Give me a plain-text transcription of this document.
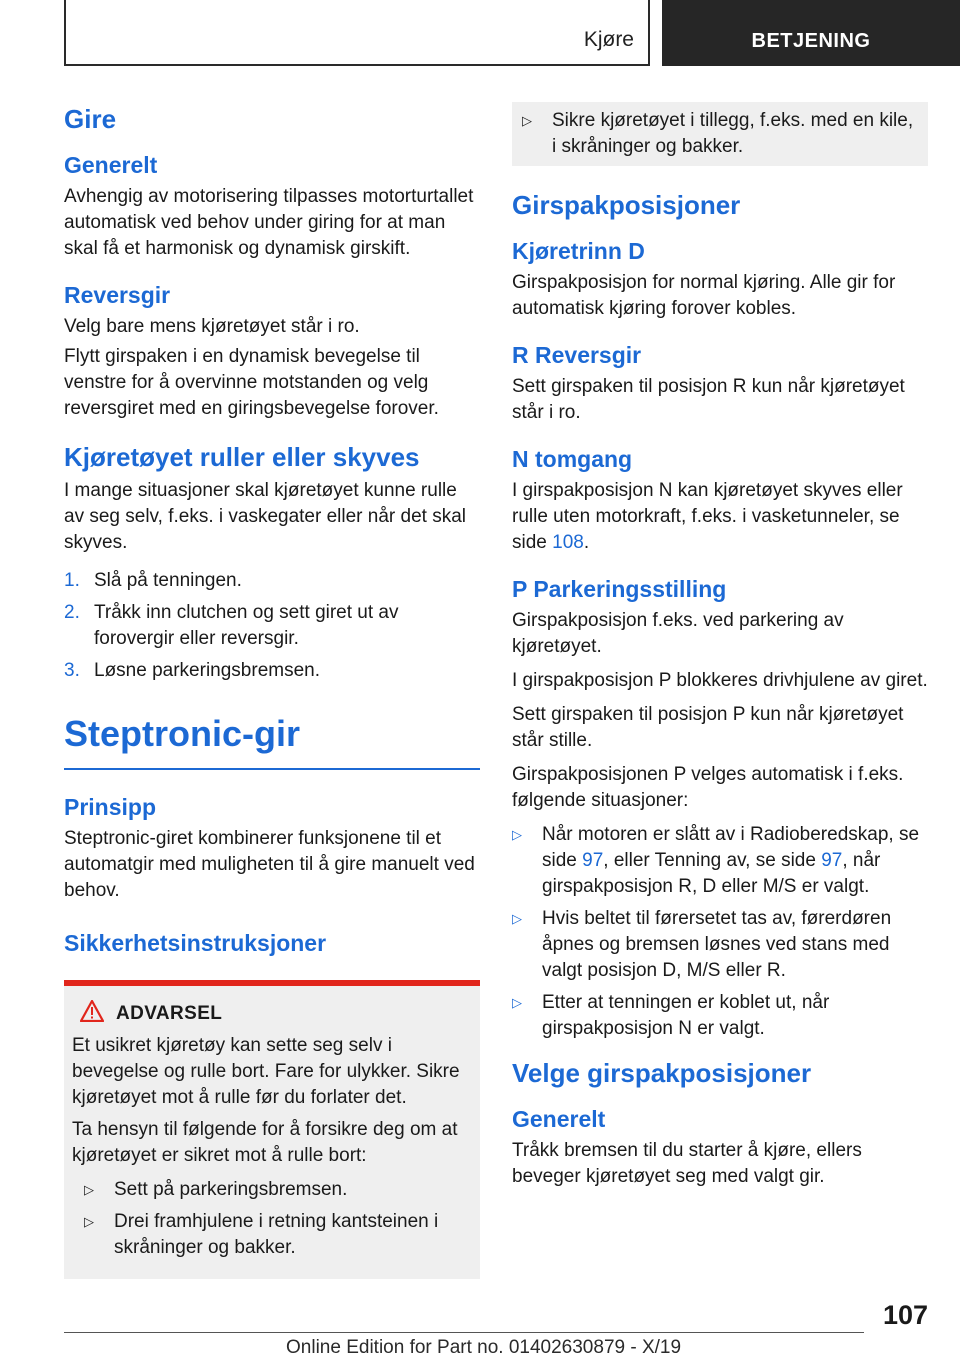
Kjøre	BETJENING
Gire
Generelt

Avhengig av motorisering tilpasses motorturtallet automatisk ved behov under giring for at man skal få et harmonisk og dynamisk girskift.

Reversgir

Velg bare mens kjøretøyet står i ro.

Flytt girspaken i en dynamisk bevegelse til venstre for å overvinne motstanden og velg reversgiret med en giringsbevegelse forover.

Kjøretøyet ruller eller skyves

I mange situasjoner skal kjøretøyet kunne rulle av seg selv, f.eks. i vaskegater eller når det skal skyves.

1. Slå på tenningen.
2. Tråkk inn clutchen og sett giret ut av forovergir eller reversgir.
3. Løsne parkeringsbremsen.
Steptronic-gir
Prinsipp

Steptronic-giret kombinerer funksjonene til et automatgir med muligheten til å gire manuelt ved behov.

Sikkerhetsinstruksjoner
ADVARSEL

Et usikret kjøretøy kan sette seg selv i bevegelse og rulle bort. Fare for ulykker. Sikre kjøretøyet mot å rulle før du forlater det.

Ta hensyn til følgende for å forsikre deg om at kjøretøyet er sikret mot å rulle bort:

▷ Sett på parkeringsbremsen.
▷ Drei framhjulene i retning kantsteinen i skråninger og bakker.
▷ Sikre kjøretøyet i tillegg, f.eks. med en kile, i skråninger og bakker.
Girspakposisjoner
Kjøretrinn D

Girspakposisjon for normal kjøring. Alle gir for automatisk kjøring forover kobles.

R Reversgir

Sett girspaken til posisjon R kun når kjøretøyet står i ro.

N tomgang

I girspakposisjon N kan kjøretøyet skyves eller rulle uten motorkraft, f.eks. i vasketunneler, se side 108.

P Parkeringsstilling

Girspakposisjon f.eks. ved parkering av kjøretøyet.

I girspakposisjon P blokkeres drivhjulene av giret.

Sett girspaken til posisjon P kun når kjøretøyet står stille.

Girspakposisjonen P velges automatisk i f.eks. følgende situasjoner:

▷ Når motoren er slått av i Radioberedskap, se side 97, eller Tenning av, se side 97, når girspakposisjon R, D eller M/S er valgt.
▷ Hvis beltet til førersetet tas av, førerdøren åpnes og bremsen løsnes ved stans med valgt posisjon D, M/S eller R.
▷ Etter at tenningen er koblet ut, når girspakposisjon N er valgt.
Velge girspakposisjoner
Generelt

Tråkk bremsen til du starter å kjøre, ellers beveger kjøretøyet seg med valgt gir.

107
Online Edition for Part no. 01402630879 - X/19
